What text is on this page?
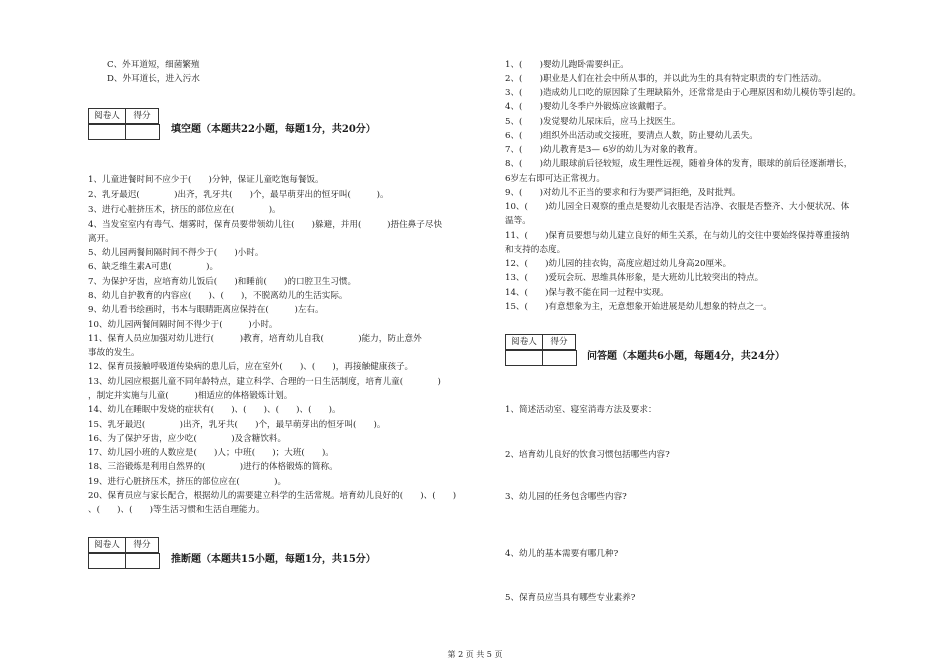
C、外耳道短，细菌繁殖
D、外耳道长，进入污水
阅卷人	得分
填空题（本题共22小题，每题1分，共20分）
1、儿童进餐时间不应少于(　　)分钟，保证儿童吃饱每餐饭。
2、乳牙最迟(　　　　)出齐，乳牙共(　　)个，最早萌芽出的恒牙叫(　　　)。
3、进行心脏挤压术，挤压的部位应在(　　　　)。
4、当发室室内有毒气、烟雾时，保育员要带领幼儿往(　　)躲避，并用(　　　)捂住鼻子尽快
离开。
5、幼儿园两餐间隔时间不得少于(　　)小时。
6、缺乏维生素A可患(　　　　)。
7、为保护牙齿，应培育幼儿饭后(　　)和睡前(　　)的口腔卫生习惯。
8、幼儿自护教育的内容应(　　)、(　　)，不脱离幼儿的生活实际。
9、幼儿看书绘画时，书本与眼睛距离应保持在(　　　)左右。
10、幼儿园两餐间隔时间不得少于(　　　)小时。
11、保育人员应加强对幼儿进行(　　　)教育，培育幼儿自我(　　　　)能力，防止意外
事故的发生。
12、保育员接触呼吸道传染病的患儿后，应在室外(　　)、(　　)，再接触健康孩子。
13、幼儿园应根据儿童不同年龄特点，建立科学、合理的一日生活制度，培育儿童(　　　　)
，制定并实施与儿童(　　　)相适应的体格锻炼计划。
14、幼儿在睡眠中发烧的症状有(　　)、(　　)、(　　)、(　　)。
15、乳牙最迟(　　　　)出齐，乳牙共(　　)个，最早萌芽出的恒牙叫(　　)。
16、为了保护牙齿，应少吃(　　　　)及含糖饮料。
17、幼儿园小班的人数应是(　　)人；中班(　　)；大班(　　)。
18、三浴锻炼是利用自然界的(　　　　)进行的体格锻炼的简称。
19、进行心脏挤压术，挤压的部位应在(　　　　)。
20、保育员应与家长配合，根据幼儿的需要建立科学的生活常规。培育幼儿良好的(　　)、(　　)
、(　　)、(　　)等生活习惯和生活自理能力。
阅卷人	得分
推断题（本题共15小题，每题1分，共15分）
1、(　　)婴幼儿跑卧需要纠正。
2、(　　)职业是人们在社会中所从事的，并以此为生的具有特定职责的专门性活动。
3、(　　)造成幼儿口吃的原因除了生理缺陷外，还常常是由于心理原因和幼儿模仿等引起的。
4、(　　)婴幼儿冬季户外锻炼应该戴帽子。
5、(　　)发觉婴幼儿尿床后，应马上找医生。
6、(　　)组织外出活动或交接班，要清点人数，防止婴幼儿丢失。
7、(　　)幼儿教育是3— 6岁的幼儿为对象的教育。
8、(　　)幼儿眼球前后径较短，成生理性远视，随着身体的发育，眼球的前后径逐渐增长，
6岁左右即可达正常视力。
9、(　　)对幼儿不正当的要求和行为要严词拒绝，及时批判。
10、(　　)幼儿园全日观察的重点是婴幼儿衣服是否洁净、衣服是否整齐、大小便状况、体
温等。
11、(　　)保育员要想与幼儿建立良好的师生关系，在与幼儿的交往中要始终保持尊重接纳
和支持的态度。
12、(　　)幼儿园的挂衣钩，高度应超过幼儿身高20厘米。
13、(　　)爱玩会玩、思维具体形象，是大班幼儿比较突出的特点。
14、(　　)保与教不能在同一过程中实现。
15、(　　)有意想象为主，无意想象开始进展是幼儿想象的特点之一。
阅卷人	得分
问答题（本题共6小题，每题4分，共24分）
1、简述活动室、寝室消毒方法及要求：
2、培育幼儿良好的饮食习惯包括哪些内容?
3、幼儿园的任务包含哪些内容?
4、幼儿的基本需要有哪几种?
5、保育员应当具有哪些专业素养?
第 2 页 共 5 页
